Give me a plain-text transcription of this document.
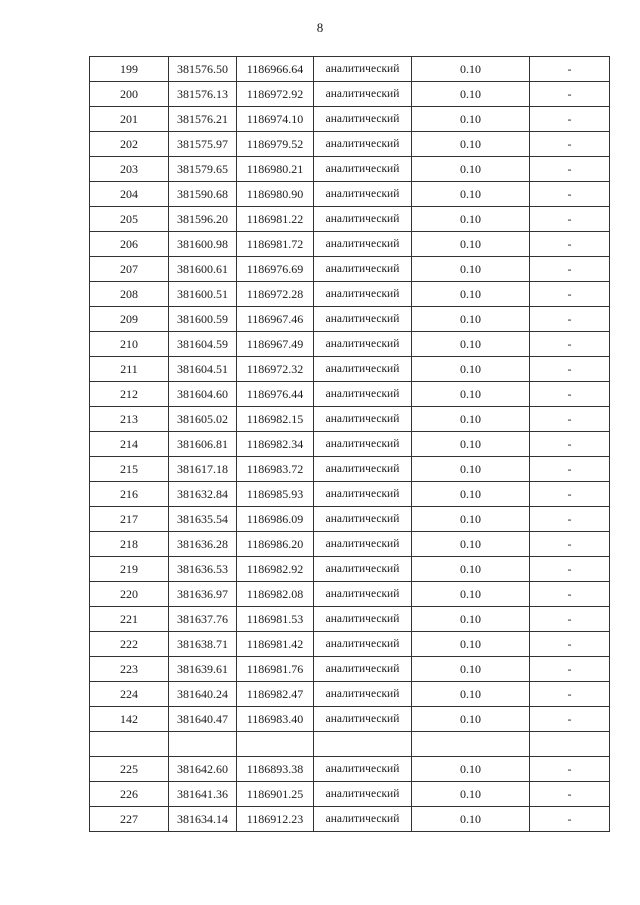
8
199	381576.50	1186966.64	аналитический	0.10	-
200	381576.13	1186972.92	аналитический	0.10	-
201	381576.21	1186974.10	аналитический	0.10	-
202	381575.97	1186979.52	аналитический	0.10	-
203	381579.65	1186980.21	аналитический	0.10	-
204	381590.68	1186980.90	аналитический	0.10	-
205	381596.20	1186981.22	аналитический	0.10	-
206	381600.98	1186981.72	аналитический	0.10	-
207	381600.61	1186976.69	аналитический	0.10	-
208	381600.51	1186972.28	аналитический	0.10	-
209	381600.59	1186967.46	аналитический	0.10	-
210	381604.59	1186967.49	аналитический	0.10	-
211	381604.51	1186972.32	аналитический	0.10	-
212	381604.60	1186976.44	аналитический	0.10	-
213	381605.02	1186982.15	аналитический	0.10	-
214	381606.81	1186982.34	аналитический	0.10	-
215	381617.18	1186983.72	аналитический	0.10	-
216	381632.84	1186985.93	аналитический	0.10	-
217	381635.54	1186986.09	аналитический	0.10	-
218	381636.28	1186986.20	аналитический	0.10	-
219	381636.53	1186982.92	аналитический	0.10	-
220	381636.97	1186982.08	аналитический	0.10	-
221	381637.76	1186981.53	аналитический	0.10	-
222	381638.71	1186981.42	аналитический	0.10	-
223	381639.61	1186981.76	аналитический	0.10	-
224	381640.24	1186982.47	аналитический	0.10	-
142	381640.47	1186983.40	аналитический	0.10	-

225	381642.60	1186893.38	аналитический	0.10	-
226	381641.36	1186901.25	аналитический	0.10	-
227	381634.14	1186912.23	аналитический	0.10	-
